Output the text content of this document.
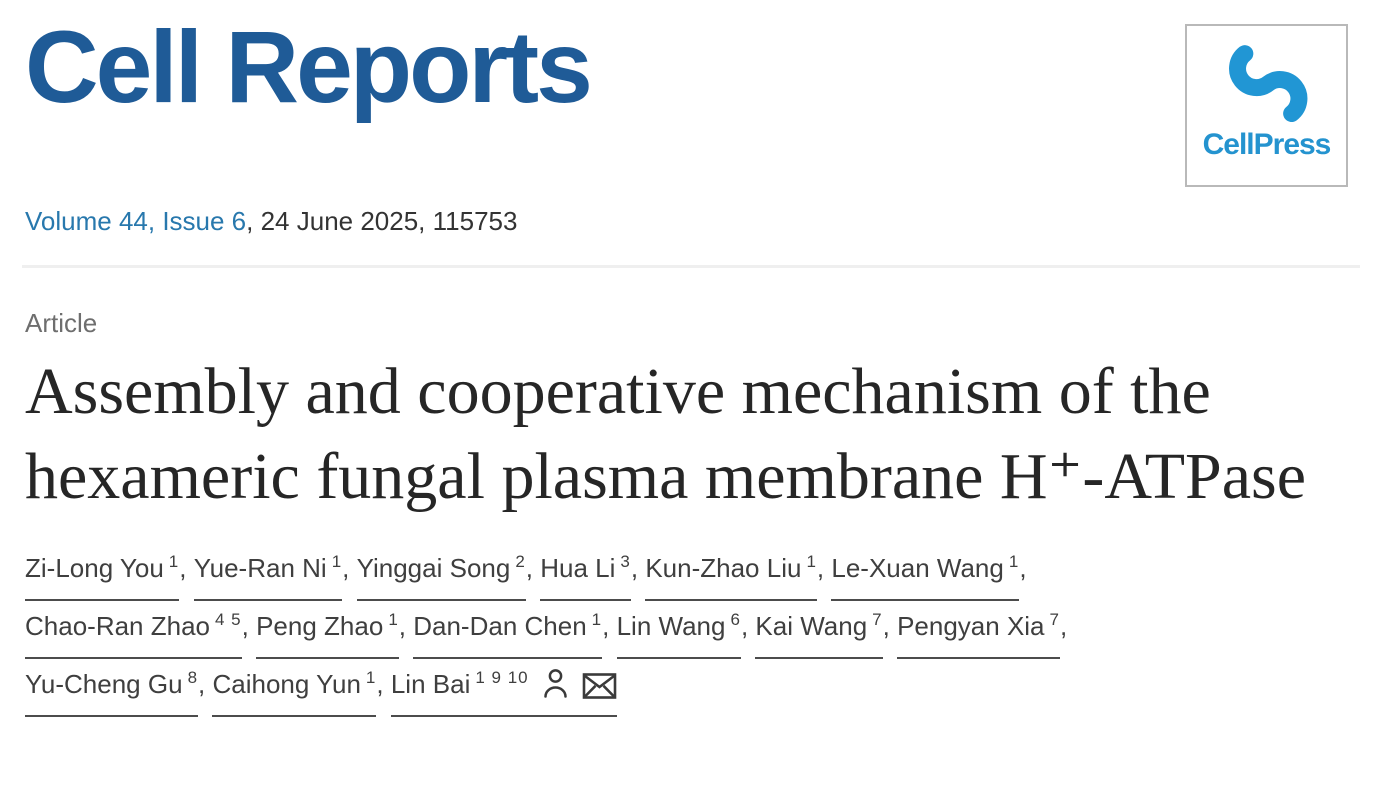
Cell Reports
CellPress
Volume 44, Issue 6, 24 June 2025, 115753
Article
Assembly and cooperative mechanism of the hexameric fungal plasma membrane H⁺-ATPase
Zi-Long You $^1$, Yue-Ran Ni $^1$, Yinggai Song $^2$, Hua Li $^3$, Kun-Zhao Liu $^1$, Le-Xuan Wang $^1$, Chao-Ran Zhao $^{4 5}$, Peng Zhao $^1$, Dan-Dan Chen $^1$, Lin Wang $^6$, Kai Wang $^7$, Pengyan Xia $^7$, Yu-Cheng Gu $^8$, Caihong Yun $^1$, Lin Bai $^{1 9 10}$
